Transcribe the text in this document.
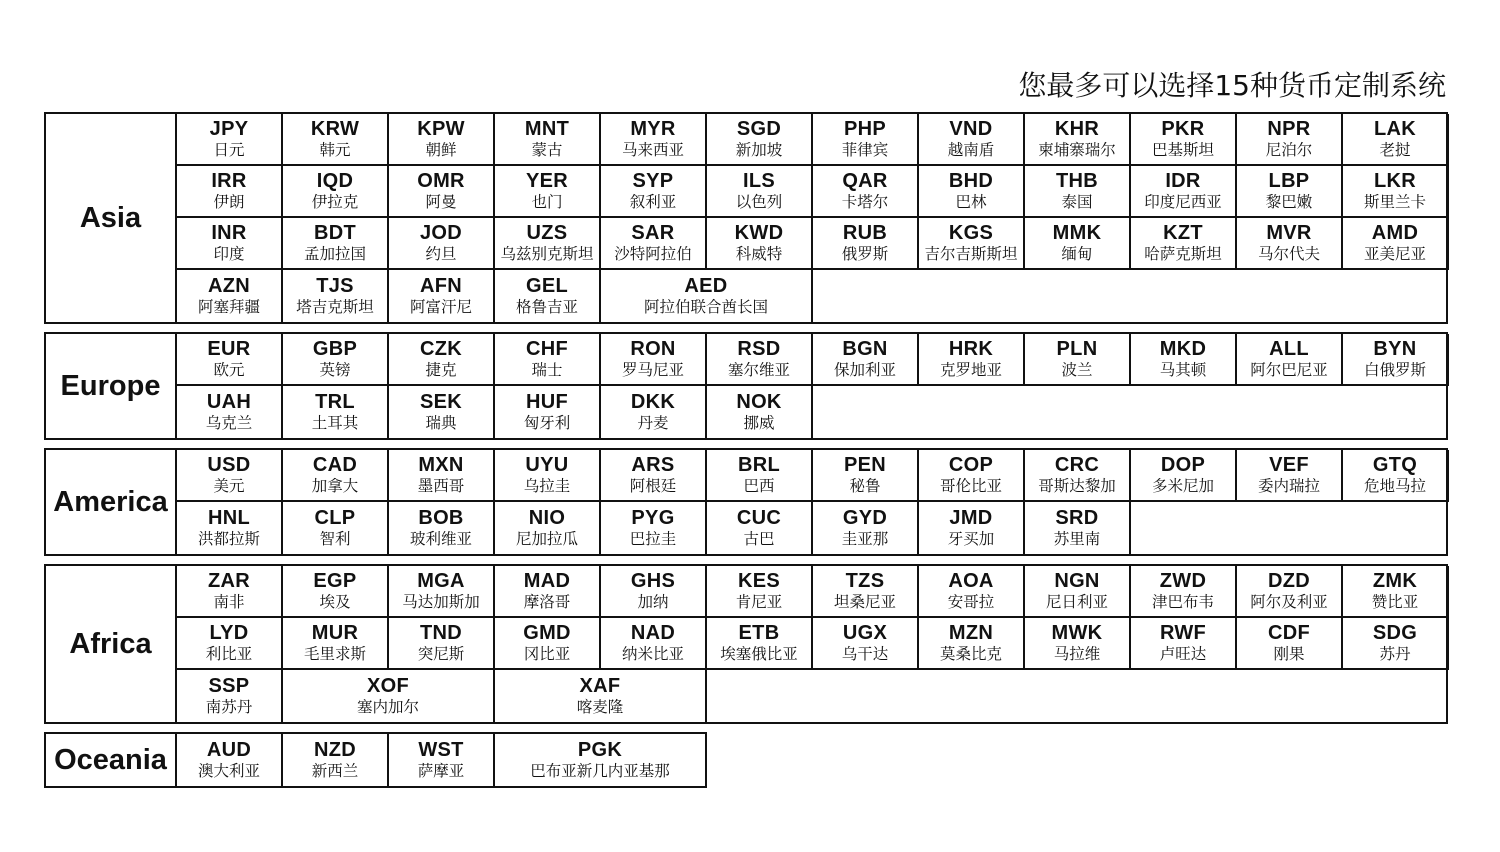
您最多可以选择15种货币定制系统
Asia
JPY
日元
KRW
韩元
KPW
朝鲜
MNT
蒙古
MYR
马来西亚
SGD
新加坡
PHP
菲律宾
VND
越南盾
KHR
柬埔寨瑞尔
PKR
巴基斯坦
NPR
尼泊尔
LAK
老挝
IRR
伊朗
IQD
伊拉克
OMR
阿曼
YER
也门
SYP
叙利亚
ILS
以色列
QAR
卡塔尔
BHD
巴林
THB
泰国
IDR
印度尼西亚
LBP
黎巴嫩
LKR
斯里兰卡
INR
印度
BDT
孟加拉国
JOD
约旦
UZS
乌兹别克斯坦
SAR
沙特阿拉伯
KWD
科威特
RUB
俄罗斯
KGS
吉尔吉斯斯坦
MMK
缅甸
KZT
哈萨克斯坦
MVR
马尔代夫
AMD
亚美尼亚
AZN
阿塞拜疆
TJS
塔吉克斯坦
AFN
阿富汗尼
GEL
格鲁吉亚
AED
阿拉伯联合酋长国
Europe
EUR
欧元
GBP
英镑
CZK
捷克
CHF
瑞士
RON
罗马尼亚
RSD
塞尔维亚
BGN
保加利亚
HRK
克罗地亚
PLN
波兰
MKD
马其顿
ALL
阿尔巴尼亚
BYN
白俄罗斯
UAH
乌克兰
TRL
土耳其
SEK
瑞典
HUF
匈牙利
DKK
丹麦
NOK
挪威
America
USD
美元
CAD
加拿大
MXN
墨西哥
UYU
乌拉圭
ARS
阿根廷
BRL
巴西
PEN
秘鲁
COP
哥伦比亚
CRC
哥斯达黎加
DOP
多米尼加
VEF
委内瑞拉
GTQ
危地马拉
HNL
洪都拉斯
CLP
智利
BOB
玻利维亚
NIO
尼加拉瓜
PYG
巴拉圭
CUC
古巴
GYD
圭亚那
JMD
牙买加
SRD
苏里南
Africa
ZAR
南非
EGP
埃及
MGA
马达加斯加
MAD
摩洛哥
GHS
加纳
KES
肯尼亚
TZS
坦桑尼亚
AOA
安哥拉
NGN
尼日利亚
ZWD
津巴布韦
DZD
阿尔及利亚
ZMK
赞比亚
LYD
利比亚
MUR
毛里求斯
TND
突尼斯
GMD
冈比亚
NAD
纳米比亚
ETB
埃塞俄比亚
UGX
乌干达
MZN
莫桑比克
MWK
马拉维
RWF
卢旺达
CDF
刚果
SDG
苏丹
SSP
南苏丹
XOF
塞内加尔
XAF
喀麦隆
Oceania	AUD
澳大利亚
NZD
新西兰
WST
萨摩亚
PGK
巴布亚新几内亚基那
